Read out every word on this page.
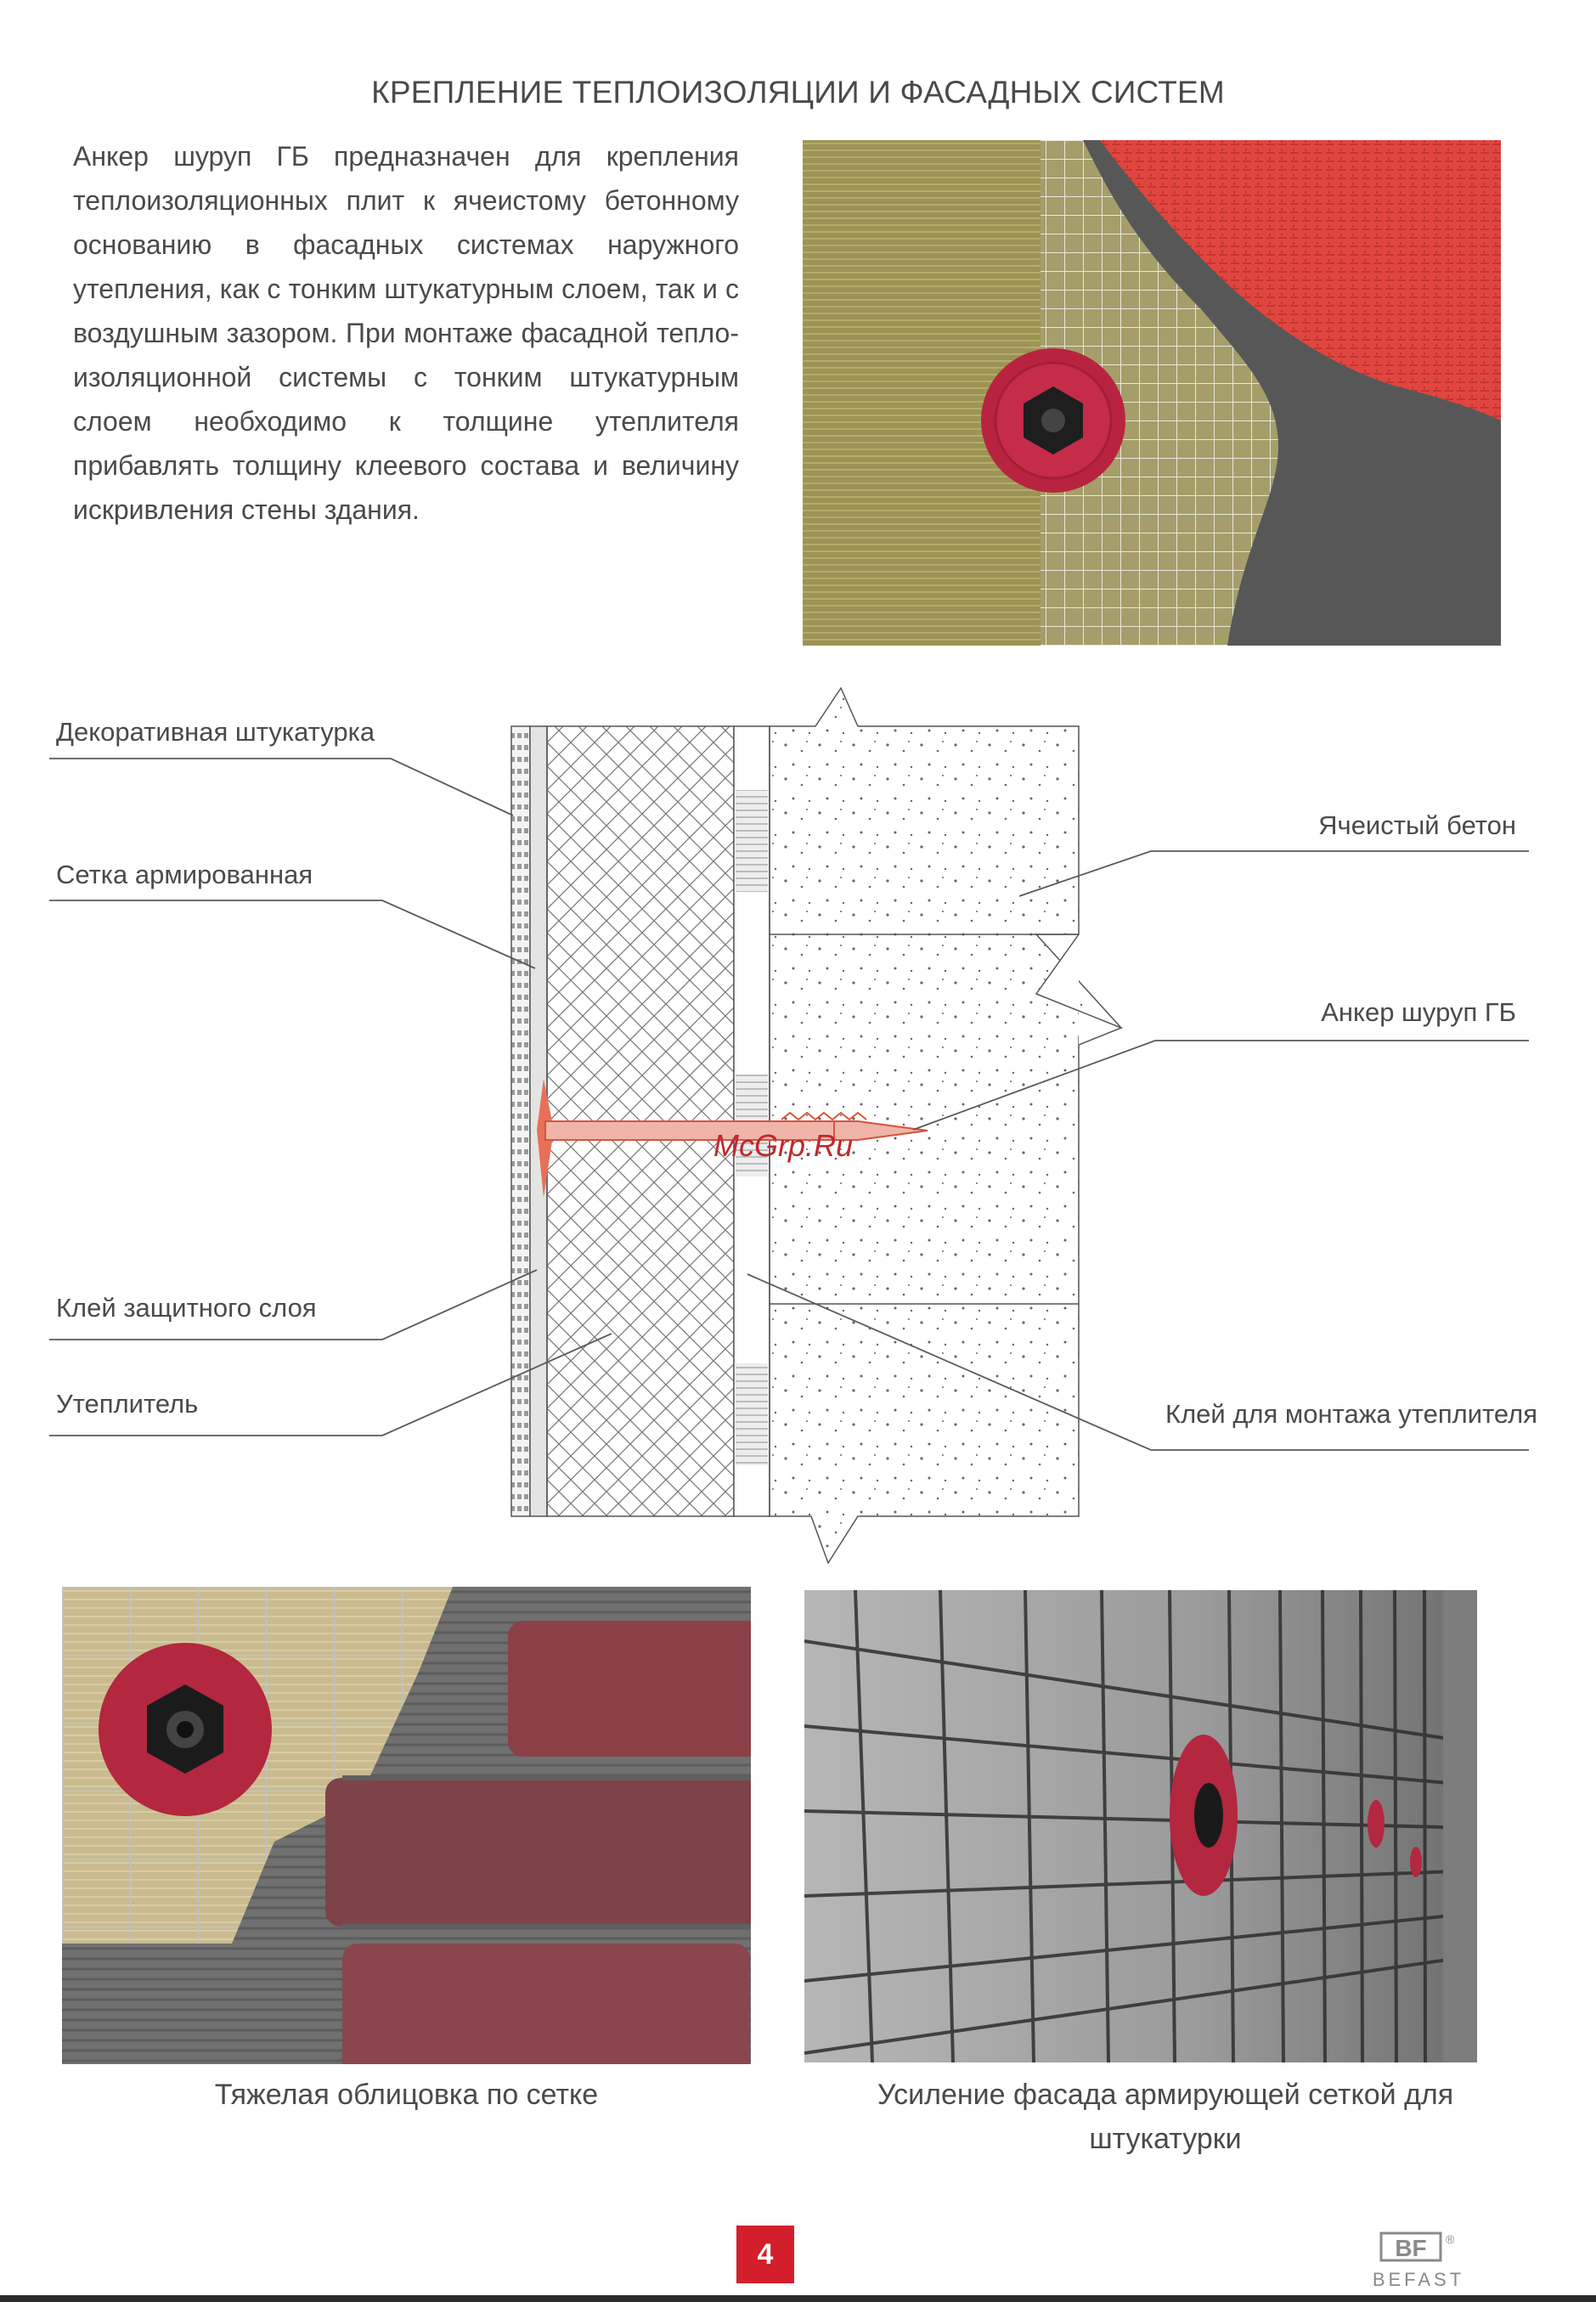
КРЕПЛЕНИЕ ТЕПЛОИЗОЛЯЦИИ И ФАСАДНЫХ СИСТЕМ
Анкер шуруп ГБ предназначен для крепления теплоизоляционных плит к ячеистому бетонному основанию в фасадных системах наружного утепления, как с тонким штукатурным слоем, так и с воздушным зазором. При монтаже фасадной тепло-изоляционной системы с тонким штукатурным слоем необходимо к толщине утеплителя прибавлять толщину клеевого состава и величину искривления стены здания.
Декоративная штукатурка
Сетка армированная
Клей защитного слоя
Утеплитель
Ячеистый бетон
Анкер шуруп ГБ
Клей для монтажа утеплителя
McGrp.Ru
Тяжелая облицовка по сетке	Усиление фасада армирующей сеткой для
штукатурки
4	BF ®
BEFAST
